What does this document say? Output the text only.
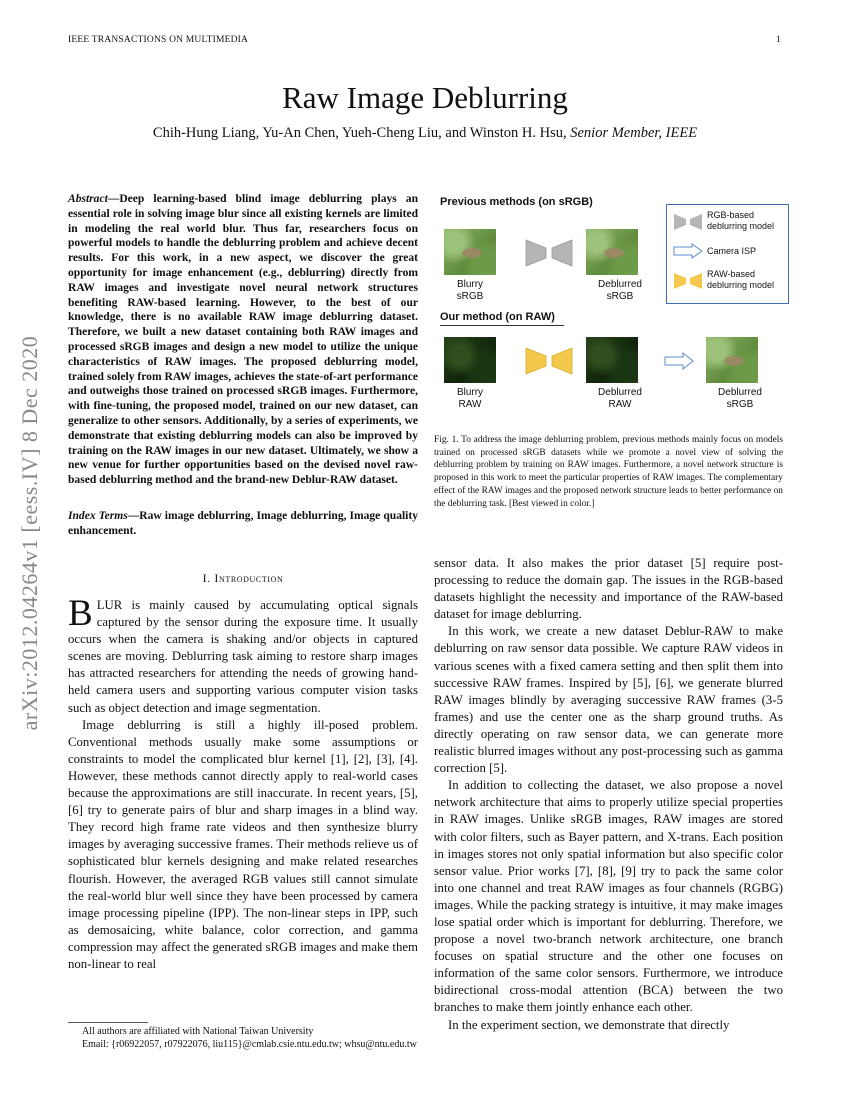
IEEE TRANSACTIONS ON MULTIMEDIA	1
arXiv:2012.04264v1 [eess.IV] 8 Dec 2020
Raw Image Deblurring
Chih-Hung Liang, Yu-An Chen, Yueh-Cheng Liu, and Winston H. Hsu, Senior Member, IEEE
Abstract—Deep learning-based blind image deblurring plays an essential role in solving image blur since all existing kernels are limited in modeling the real world blur. Thus far, researchers focus on powerful models to handle the deblurring problem and achieve decent results. For this work, in a new aspect, we discover the great opportunity for image enhancement (e.g., deblurring) directly from RAW images and investigate novel neural network structures benefiting RAW-based learning. However, to the best of our knowledge, there is no available RAW image deblurring dataset. Therefore, we built a new dataset containing both RAW images and processed sRGB images and design a new model to utilize the unique characteristics of RAW images. The proposed deblurring model, trained solely from RAW images, achieves the state-of-art performance and outweighs those trained on processed sRGB images. Furthermore, with fine-tuning, the proposed model, trained on our new dataset, can generalize to other sensors. Additionally, by a series of experiments, we demonstrate that existing deblurring models can also be improved by training on the RAW images in our new dataset. Ultimately, we show a new venue for further opportunities based on the devised novel raw-based deblurring method and the brand-new Deblur-RAW dataset.
Index Terms—Raw image deblurring, Image deblurring, Image quality enhancement.
I. Introduction

BLUR is mainly caused by accumulating optical signals captured by the sensor during the exposure time. It usually occurs when the camera is shaking and/or objects in captured scenes are moving. Deblurring task aiming to restore sharp images has attracted researchers for attending the needs of growing hand-held camera users and supporting various computer vision tasks such as object detection and image segmentation.

Image deblurring is still a highly ill-posed problem. Conventional methods usually make some assumptions or constraints to model the complicated blur kernel [1], [2], [3], [4]. However, these methods cannot directly apply to real-world cases because the approximations are still inaccurate. In recent years, [5], [6] try to generate pairs of blur and sharp images in a blind way. They record high frame rate videos and then synthesize blurry images by averaging successive frames. Their methods relieve us of sophisticated blur kernels designing and make related researches flourish. However, the averaged RGB values still cannot simulate the real-world blur well since they have been processed by camera image processing pipeline (IPP). The non-linear steps in IPP, such as demosaicing, white balance, color correction, and gamma compression may affect the generated sRGB images and make them non-linear to real

All authors are affiliated with National Taiwan University

Email: {r06922057, r07922076, liu115}@cmlab.csie.ntu.edu.tw; whsu@ntu.edu.tw

Previous methods (on sRGB)
Blurry
sRGB
Deblurred
sRGB
RGB-based
deblurring model
Camera ISP
RAW-based
deblurring model
Our method (on RAW)
Blurry
RAW
Deblurred
RAW
Deblurred
sRGB
Fig. 1. To address the image deblurring problem, previous methods mainly focus on models trained on processed sRGB datasets while we promote a novel view of solving the deblurring problem by training on RAW images. Furthermore, a novel network structure is proposed in this work to meet the particular properties of RAW images. The complementary effect of the RAW images and the proposed network structure leads to better performance on the deblurring task. [Best viewed in color.]

sensor data. It also makes the prior dataset [5] require post-processing to reduce the domain gap. The issues in the RGB-based datasets highlight the necessity and importance of the RAW-based dataset for image deblurring.

In this work, we create a new dataset Deblur-RAW to make deblurring on raw sensor data possible. We capture RAW videos in various scenes with a fixed camera setting and then split them into successive RAW frames. Inspired by [5], [6], we generate blurred RAW images blindly by averaging successive RAW frames (3-5 frames) and use the center one as the sharp ground truths. As directly operating on raw sensor data, we can generate more realistic blurred images without any post-processing such as gamma correction [5].

In addition to collecting the dataset, we also propose a novel network architecture that aims to properly utilize special properties in RAW images. Unlike sRGB images, RAW images are stored with color filters, such as Bayer pattern, and X-trans. Each position in images stores not only spatial information but also specific color sensor value. Prior works [7], [8], [9] try to pack the same color into one channel and treat RAW images as four channels (RGBG) images. While the packing strategy is intuitive, it may make images lose spatial order which is important for deblurring. Therefore, we propose a novel two-branch network architecture, one branch focuses on spatial structure and the other one focuses on information of the same color sensors. Furthermore, we introduce bidirectional cross-modal attention (BCA) between the two branches to make them jointly enhance each other.

In the experiment section, we demonstrate that directly
